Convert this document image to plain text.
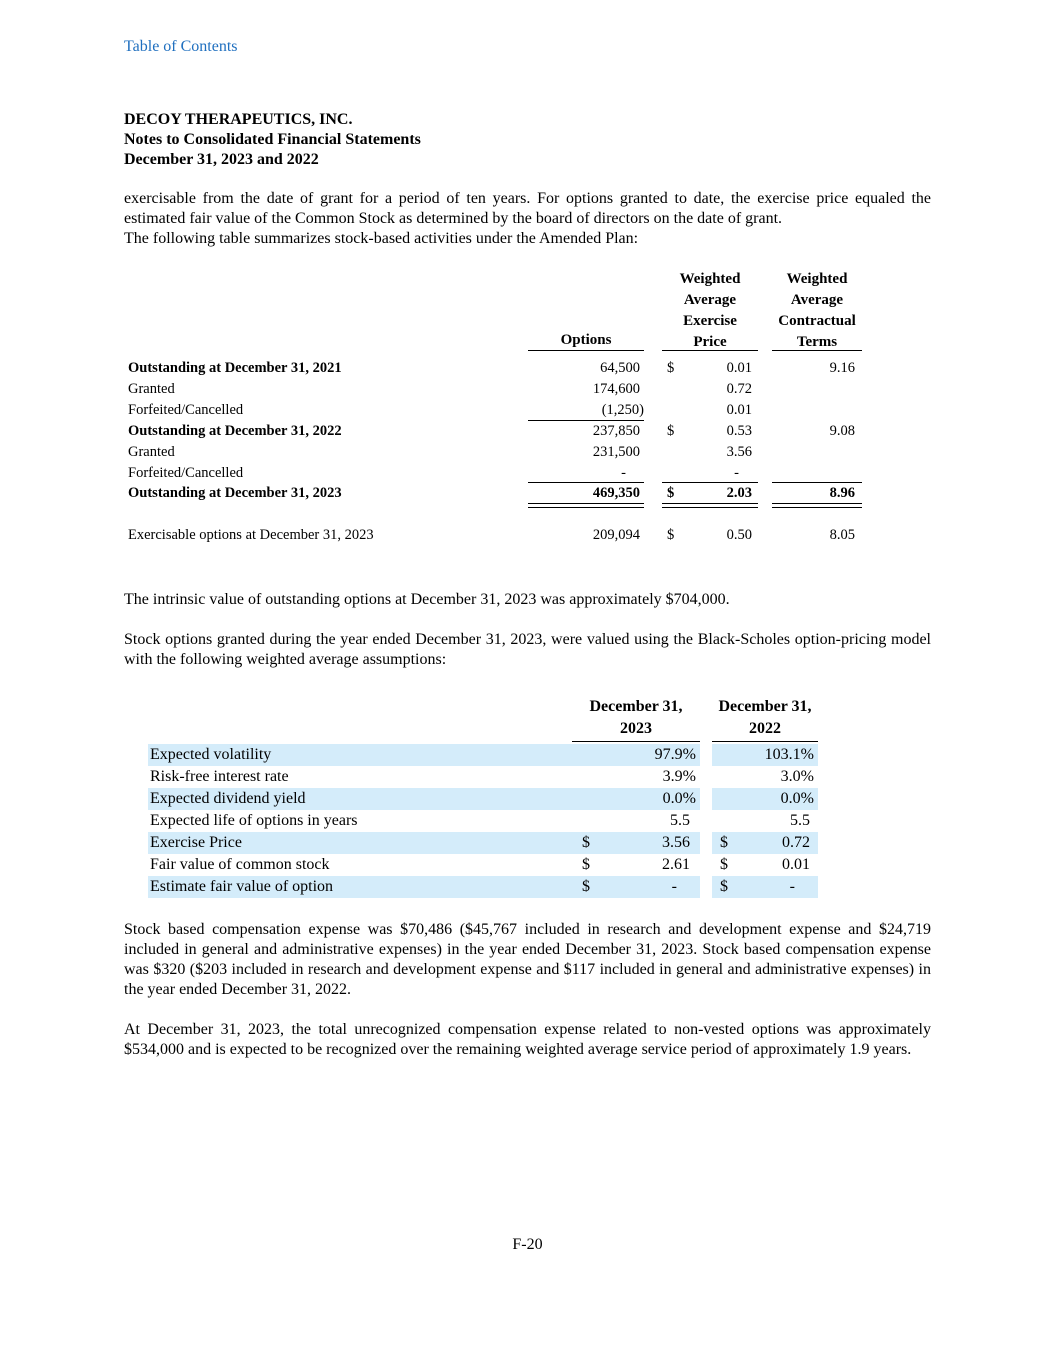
Table of Contents
DECOY THERAPEUTICS, INC.
Notes to Consolidated Financial Statements
December 31, 2023 and 2022
exercisable from the date of grant for a period of ten years. For options granted to date, the exercise price equaled the estimated fair value of the Common Stock as determined by the board of directors on the date of grant.
The following table summarizes stock-based activities under the Amended Plan:
Options
Weighted
Average
Exercise
Price
Weighted
Average
Contractual
Terms
Outstanding at December 31, 2021	64,500 $	0.01	9.16
Granted	174,600	0.72
Forfeited/Cancelled	(1,250)	0.01
Outstanding at December 31, 2022	237,850 $	0.53	9.08
Granted	231,500	3.56
Forfeited/Cancelled	-	-
Outstanding at December 31, 2023	469,350 $	2.03	8.96
Exercisable options at December 31, 2023	209,094 $	0.50	8.05
The intrinsic value of outstanding options at December 31, 2023 was approximately $704,000.
Stock options granted during the year ended December 31, 2023, were valued using the Black-Scholes option-pricing model with the following weighted average assumptions:
December 31,
2023
December 31,
2022
Expected volatility	97.9%	103.1%
Risk-free interest rate	3.9%	3.0%
Expected dividend yield	0.0%	0.0%
Expected life of options in years	5.5	5.5
Exercise Price	$	3.56 $	0.72
Fair value of common stock	$	2.61 $	0.01
Estimate fair value of option	$	-	$	-
Stock based compensation expense was $70,486 ($45,767 included in research and development expense and $24,719 included in general and administrative expenses) in the year ended December 31, 2023. Stock based compensation expense was $320 ($203 included in research and development expense and $117 included in general and administrative expenses) in the year ended December 31, 2022.
At December 31, 2023, the total unrecognized compensation expense related to non-vested options was approximately $534,000 and is expected to be recognized over the remaining weighted average service period of approximately 1.9 years.
F-20
